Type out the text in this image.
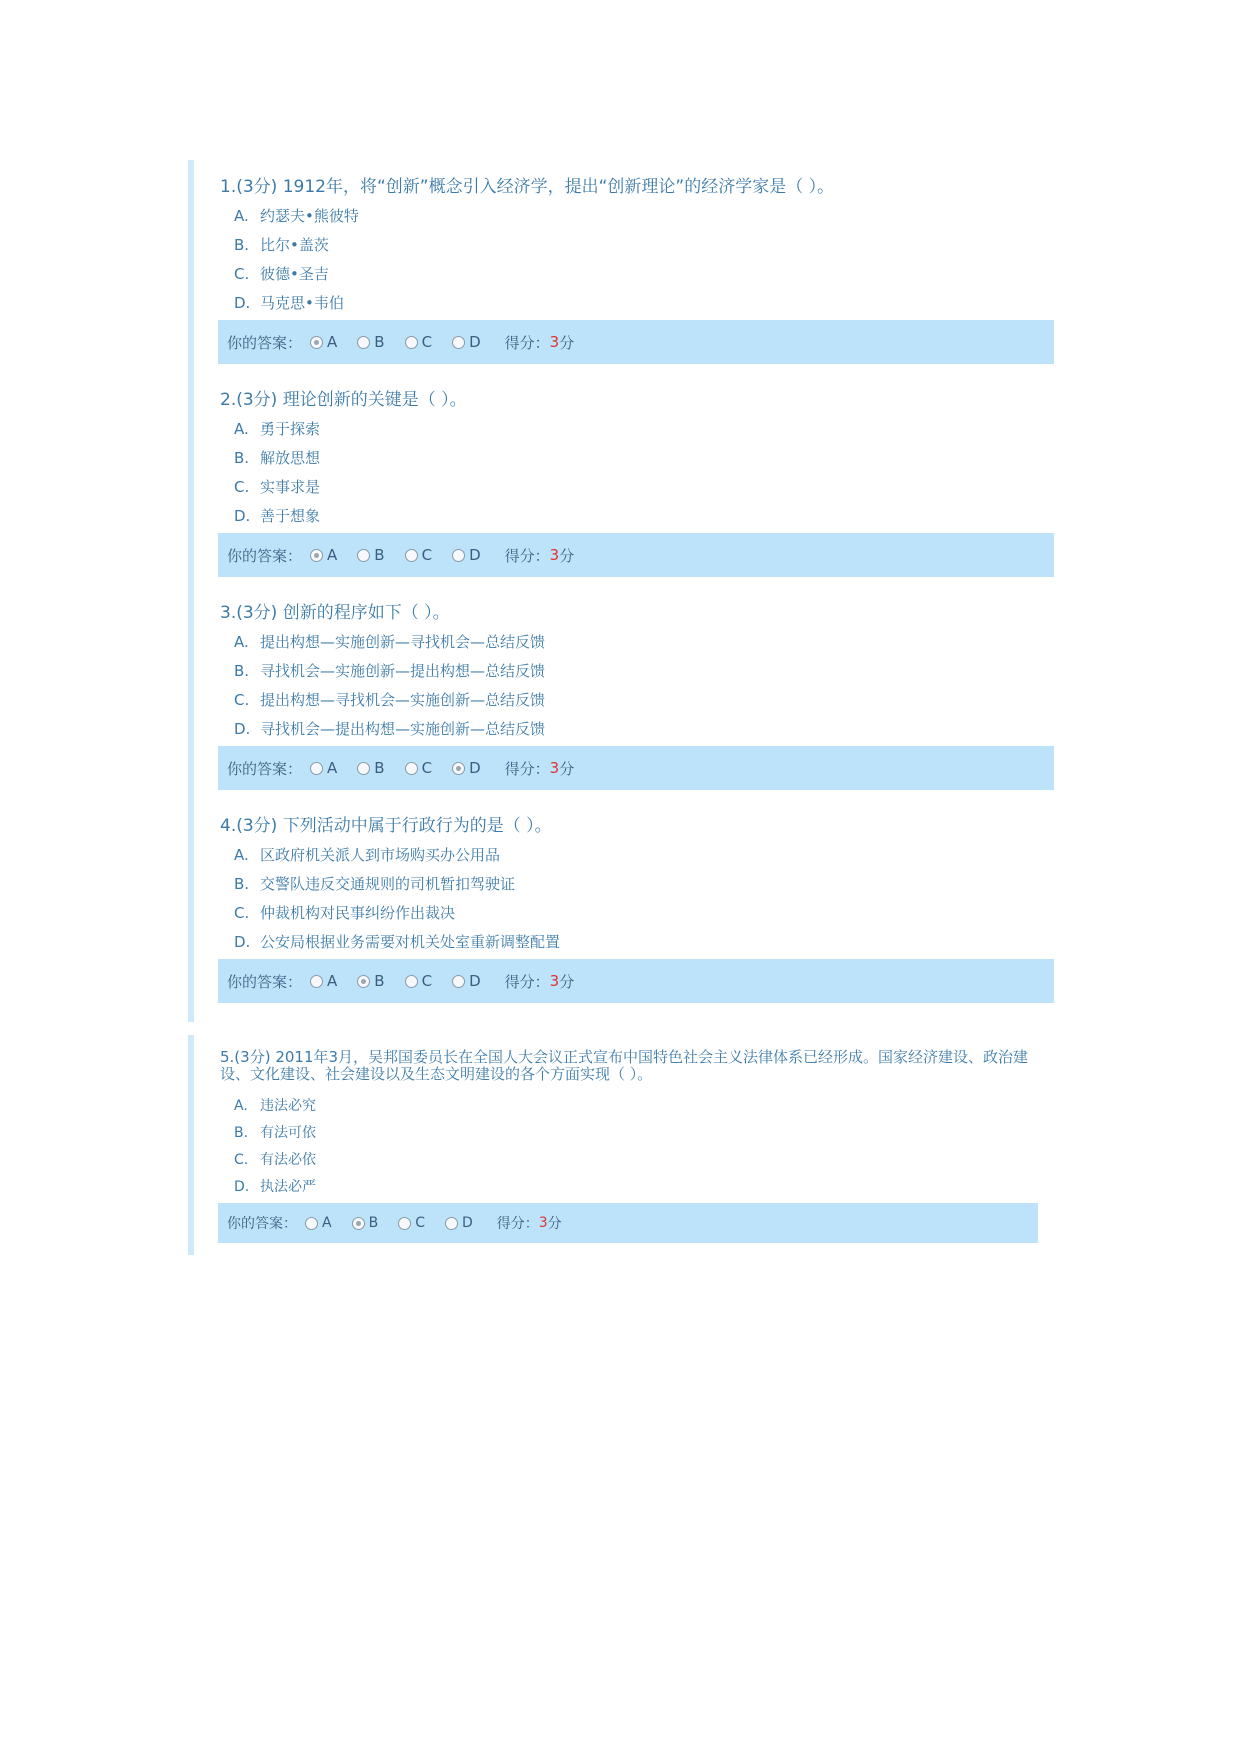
1.(3分) 1912年，将“创新”概念引入经济学，提出“创新理论”的经济学家是（ ）。
A. 约瑟夫•熊彼特
B. 比尔•盖茨
C. 彼德•圣吉
D. 马克思•韦伯
你的答案： A B C D 得分： 3 分
2.(3分) 理论创新的关键是（ ）。
A. 勇于探索
B. 解放思想
C. 实事求是
D. 善于想象
你的答案： A B C D 得分： 3 分
3.(3分) 创新的程序如下（ ）。
A. 提出构想—实施创新—寻找机会—总结反馈
B. 寻找机会—实施创新—提出构想—总结反馈
C. 提出构想—寻找机会—实施创新—总结反馈
D. 寻找机会—提出构想—实施创新—总结反馈
你的答案： A B C D 得分： 3 分
4.(3分) 下列活动中属于行政行为的是（ ）。
A. 区政府机关派人到市场购买办公用品
B. 交警队违反交通规则的司机暂扣驾驶证
C. 仲裁机构对民事纠纷作出裁决
D. 公安局根据业务需要对机关处室重新调整配置
你的答案： A B C D 得分： 3 分
5.(3分) 2011年3月，吴邦国委员长在全国人大会议正式宣布中国特色社会主义法律体系已经形成。国家经济建设、政治建设、文化建设、社会建设以及生态文明建设的各个方面实现（ ）。
A. 违法必究
B. 有法可依
C. 有法必依
D. 执法必严
你的答案： A	B	C	D 得分： 3 分
